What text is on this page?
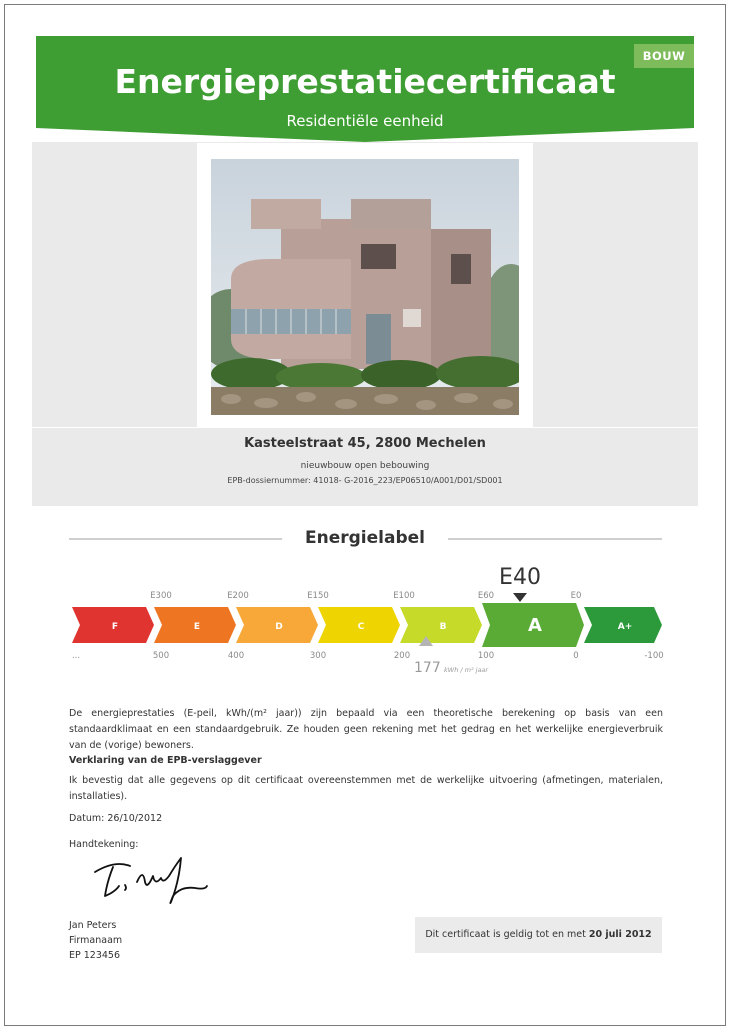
BOUW
Energieprestatiecertificaat
Residentiële eenheid
Kasteelstraat 45, 2800 Mechelen
nieuwbouw open bebouwing
EPB-dossiernummer: 41018- G-2016_223/EP06510/A001/D01/SD001
Energielabel
F	E	D	C	B	A	A+
E300	E200	E150	E100	E60	E0
...	500	400	300	200	100	0	-100
E40
177 kWh / m² jaar
De energieprestaties (E-peil, kWh/(m² jaar)) zijn bepaald via een theoretische berekening op basis van een standaardklimaat en een standaardgebruik. Ze houden geen rekening met het gedrag en het werkelijke energieverbruik van de (vorige) bewoners.
Verklaring van de EPB-verslaggever
Ik bevestig dat alle gegevens op dit certificaat overeenstemmen met de werkelijke uitvoering (afmetingen, materialen, installaties).
Datum: 26/10/2012
Handtekening:
Jan Peters
Firmanaam
EP 123456
Dit certificaat is geldig tot en met 20 juli 2012
